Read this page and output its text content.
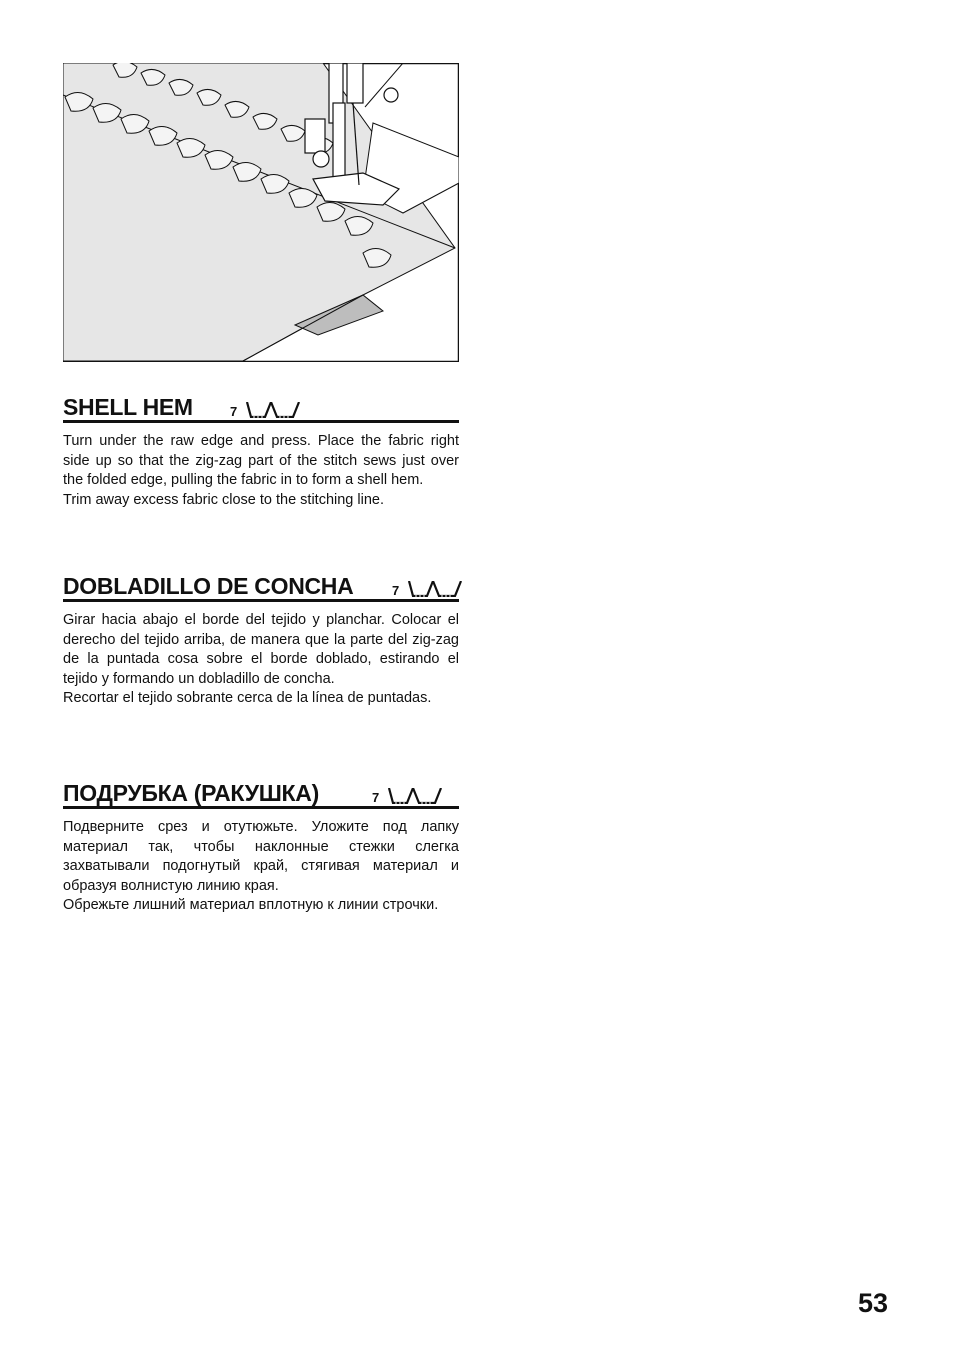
SHELL HEM	7

Turn under the raw edge and press. Place the fabric right side up so that the zig-zag part of the stitch sews just over the folded edge, pulling the fabric in to form a shell hem.

Trim away excess fabric close to the stitching line.

DOBLADILLO DE CONCHA	7

Girar hacia abajo el borde del tejido y planchar. Colocar el derecho del tejido arriba, de manera que la parte del zig-zag de la puntada cosa sobre el borde doblado, estirando el tejido y formando un dobladillo de concha.

Recortar el tejido sobrante cerca de la línea de puntadas.

ПОДРУБКА (РАКУШКА)	7

Подверните срез и отутюжьте. Уложите под лапку материал так, чтобы наклонные стежки слегка захватывали подогнутый край, стягивая материал и образуя волнистую линию края.

Обрежьте лишний материал вплотную к линии строчки.

53
